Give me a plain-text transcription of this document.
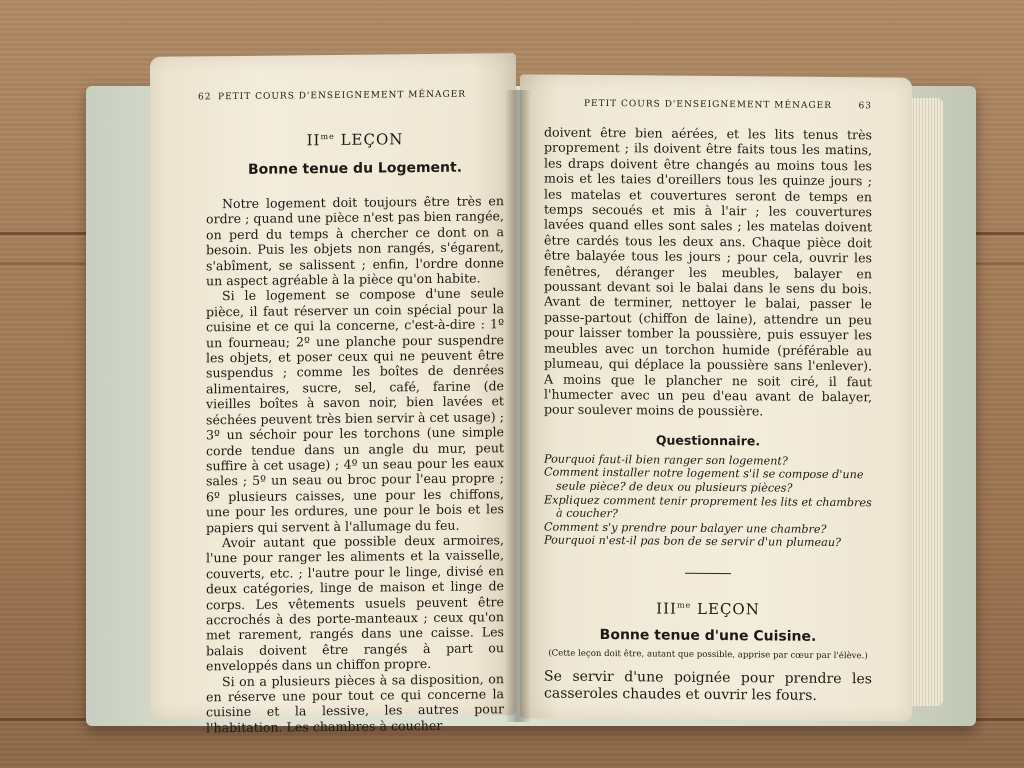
62 PETIT COURS D'ENSEIGNEMENT MÉNAGER

$II^{me}$ LEÇON

Bonne tenue du Logement.

Notre logement doit toujours être très en ordre ; quand une pièce n'est pas bien rangée, on perd du temps à chercher ce dont on a besoin. Puis les objets non rangés, s'égarent, s'abîment, se salissent ; enfin, l'ordre donne un aspect agréable à la pièce qu'on habite.

Si le logement se compose d'une seule pièce, il faut réserver un coin spécial pour la cuisine et ce qui la concerne, c'est-à-dire : 1º un fourneau; 2º une planche pour suspendre les objets, et poser ceux qui ne peuvent être suspendus ; comme les boîtes de denrées alimentaires, sucre, sel, café, farine (de vieilles boîtes à savon noir, bien lavées et séchées peuvent très bien servir à cet usage) ; 3º un séchoir pour les torchons (une simple corde tendue dans un angle du mur, peut suffire à cet usage) ; 4º un seau pour les eaux sales ; 5º un seau ou broc pour l'eau propre ; 6º plusieurs caisses, une pour les chiffons, une pour les ordures, une pour le bois et les papiers qui servent à l'allumage du feu.

Avoir autant que possible deux armoires, l'une pour ranger les aliments et la vaisselle, couverts, etc. ; l'autre pour le linge, divisé en deux catégories, linge de maison et linge de corps. Les vêtements usuels peuvent être accrochés à des porte-manteaux ; ceux qu'on met rarement, rangés dans une caisse. Les balais doivent être rangés à part ou enveloppés dans un chiffon propre.

Si on a plusieurs pièces à sa disposition, on en réserve une pour tout ce qui concerne la cuisine et la lessive, les autres pour l'habitation. Les chambres à coucher

PETIT COURS D'ENSEIGNEMENT MÉNAGER	63

doivent être bien aérées, et les lits tenus très proprement ; ils doivent être faits tous les matins, les draps doivent être changés au moins tous les mois et les taies d'oreillers tous les quinze jours ; les matelas et couvertures seront de temps en temps secoués et mis à l'air ; les couvertures lavées quand elles sont sales ; les matelas doivent être cardés tous les deux ans. Chaque pièce doit être balayée tous les jours ; pour cela, ouvrir les fenêtres, déranger les meubles, balayer en poussant devant soi le balai dans le sens du bois. Avant de terminer, nettoyer le balai, passer le passe-partout (chiffon de laine), attendre un peu pour laisser tomber la poussière, puis essuyer les meubles avec un torchon humide (préférable au plumeau, qui déplace la poussière sans l'enlever). A moins que le plancher ne soit ciré, il faut l'humecter avec un peu d'eau avant de balayer, pour soulever moins de poussière.

Questionnaire.

Pourquoi faut-il bien ranger son logement?
Comment installer notre logement s'il se compose d'une seule pièce? de deux ou plusieurs pièces?
Expliquez comment tenir proprement les lits et chambres à coucher?
Comment s'y prendre pour balayer une chambre?
Pourquoi n'est-il pas bon de se servir d'un plumeau?

$III^{me}$ LEÇON

Bonne tenue d'une Cuisine.

(Cette leçon doit être, autant que possible, apprise par cœur par l'élève.)

Se servir d'une poignée pour prendre les casseroles chaudes et ouvrir les fours.
